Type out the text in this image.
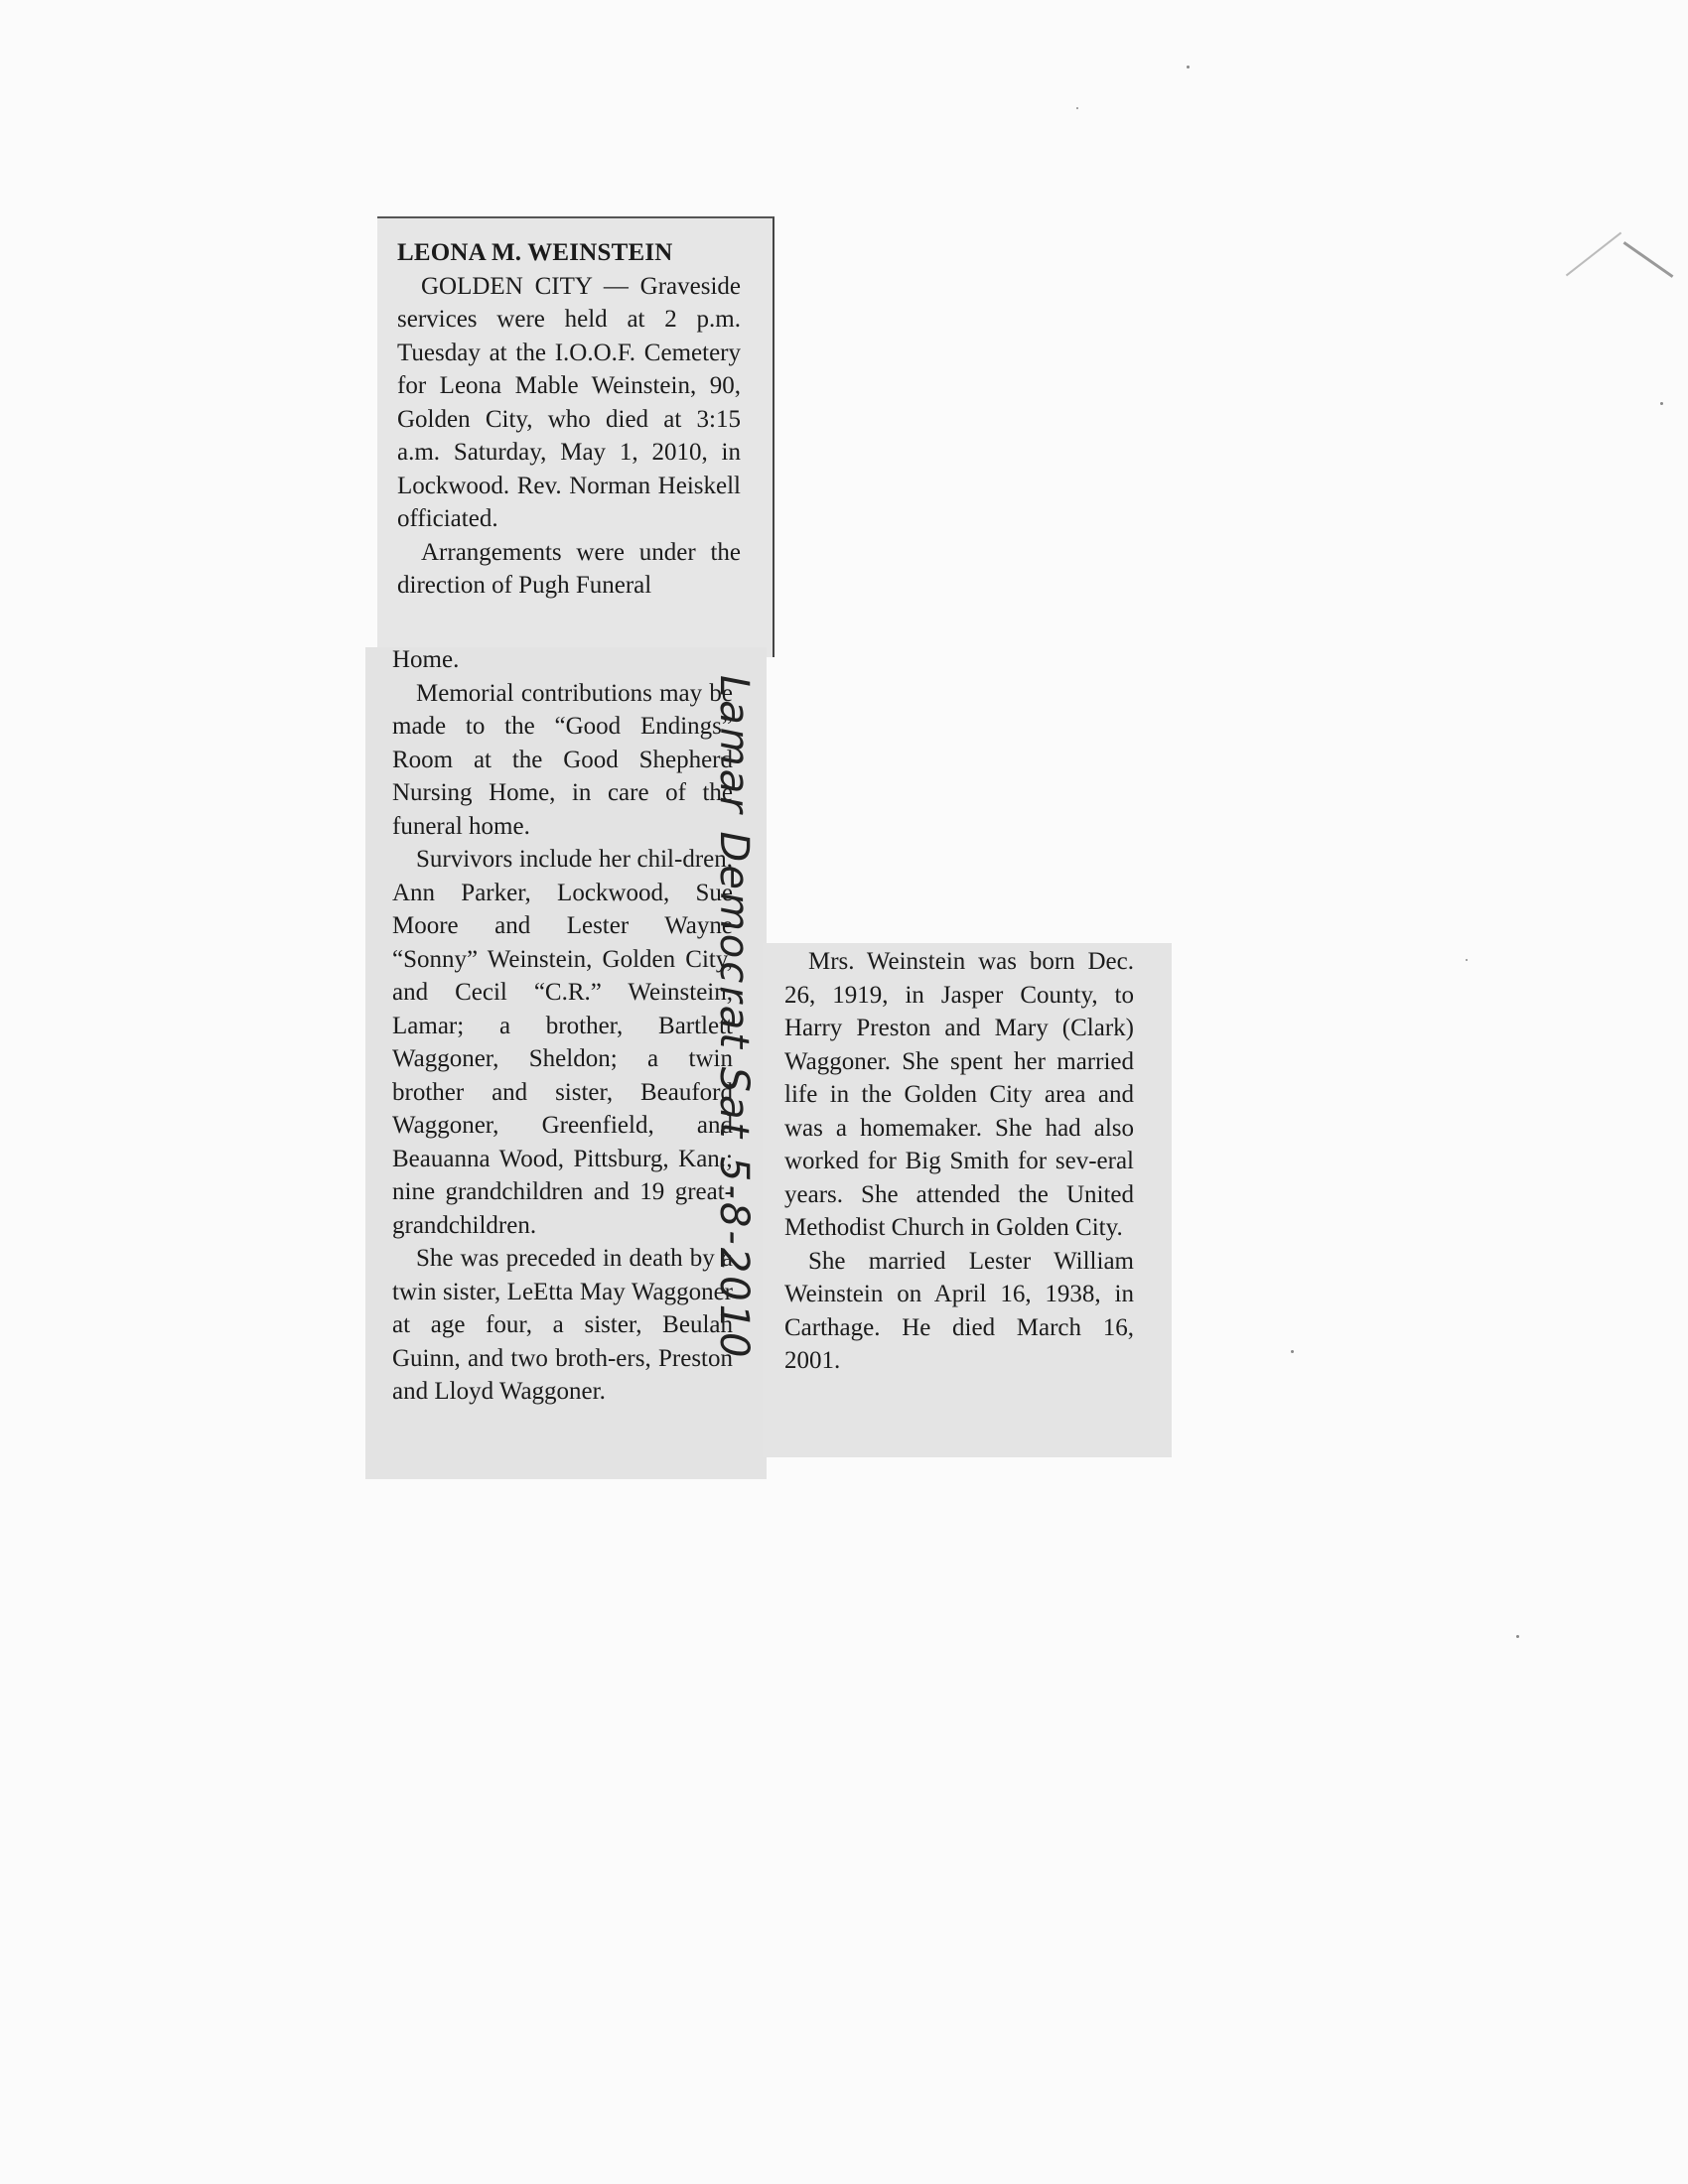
LEONA M. WEINSTEIN

GOLDEN CITY — Graveside services were held at 2 p.m. Tuesday at the I.O.O.F. Cemetery for Leona Mable Weinstein, 90, Golden City, who died at 3:15 a.m. Saturday, May 1, 2010, in Lockwood. Rev. Norman Heiskell officiated.

Arrangements were under the direction of Pugh Funeral

Home.

Memorial contributions may be made to the “Good Endings” Room at the Good Shepherd Nursing Home, in care of the funeral home.

Survivors include her chil-dren, Ann Parker, Lockwood, Sue Moore and Lester Wayne “Sonny” Weinstein, Golden City, and Cecil “C.R.” Weinstein, Lamar; a brother, Bartlett Waggoner, Sheldon; a twin brother and sister, Beauford Waggoner, Greenfield, and Beauanna Wood, Pittsburg, Kan.; nine grandchildren and 19 great-grandchildren.

She was preceded in death by a twin sister, LeEtta May Waggoner at age four, a sister, Beulah Guinn, and two broth-ers, Preston and Lloyd Waggoner.

Mrs. Weinstein was born Dec. 26, 1919, in Jasper County, to Harry Preston and Mary (Clark) Waggoner. She spent her married life in the Golden City area and was a homemaker. She had also worked for Big Smith for sev-eral years. She attended the United Methodist Church in Golden City.

She married Lester William Weinstein on April 16, 1938, in Carthage. He died March 16, 2001.

Lamar Democrat Sat 5-8-2010
